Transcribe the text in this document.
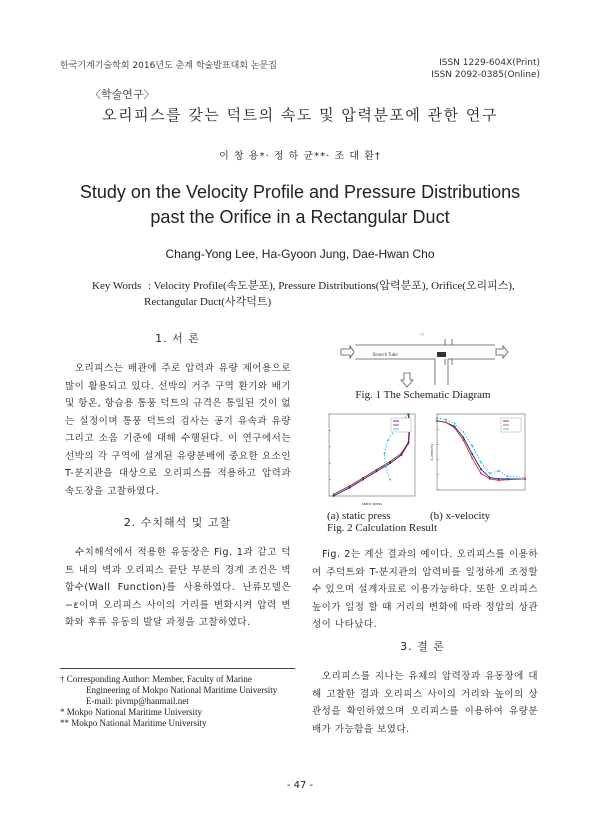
한국기계기술학회 2016년도 춘계 학술발표대회 논문집	ISSN 1229-604X(Print)
ISSN 2092-0385(Online)
〈학술연구〉
오리피스를 갖는 덕트의 속도 및 압력분포에 관한 연구
이 창 용*· 정 하 균**· 조 대 환†
Study on the Velocity Profile and Pressure Distributions
past the Orifice in a Rectangular Duct
Chang-Yong Lee, Ha-Gyoon Jung, Dae-Hwan Cho
Key Words : Velocity Profile(속도분포), Pressure Distributions(압력분포), Orifice(오리피스),
Rectangular Duct(사각덕트)
1. 서 론

오리피스는 배관에 주로 압력과 유량 제어용으로 많이 활용되고 있다. 선박의 거주 구역 환기와 배기 및 항온, 항습용 통풍 덕트의 규격은 통일된 것이 없는 실정이며 통풍 덕트의 검사는 공기 유속과 유량 그리고 소음 기준에 대해 수행된다. 이 연구에서는 선박의 각 구역에 설계된 유량분배에 중요한 요소인 T-분지관을 대상으로 오리피스를 적용하고 압력과 속도장을 고찰하였다.

2. 수치해석 및 고찰

수치해석에서 적용한 유동장은 Fig. 1과 같고 덕트 내의 벽과 오리피스 끝단 부분의 경계 조건은 벽함수(Wall Function)를 사용하였다. 난류모델은 −ε이며 오리피스 사이의 거리를 변화시켜 압력 변화와 후류 유동의 발달 과정을 고찰하였다.

† Corresponding Author: Member, Faculty of Marine
Engineering of Mokpo National Maritime University
E-mail: pivmp@hanmail.net
* Mokpo National Maritime University
** Mokpo National Maritime University
Branch Tube
▯ ▯
Fig. 1 The Schematic Diagram
static press
x-velocity
(a) static press	(b) x-velocity
Fig. 2 Calculation Result

Fig. 2는 계산 결과의 예이다. 오리피스를 이용하여 주덕트와 T-분지관의 압력비를 일정하게 조정할 수 있으며 설계자료로 이용가능하다. 또한 오리피스높이가 일정 할 때 거리의 변화에 따라 정압의 상관성이 나타났다.

3. 결 론

오리피스를 지나는 유체의 압력장과 유동장에 대해 고찰한 결과 오리피스 사이의 거리와 높이의 상관성을 확인하였으며 오리피스를 이용하여 유량분배가 가능함을 보였다.

- 47 -
